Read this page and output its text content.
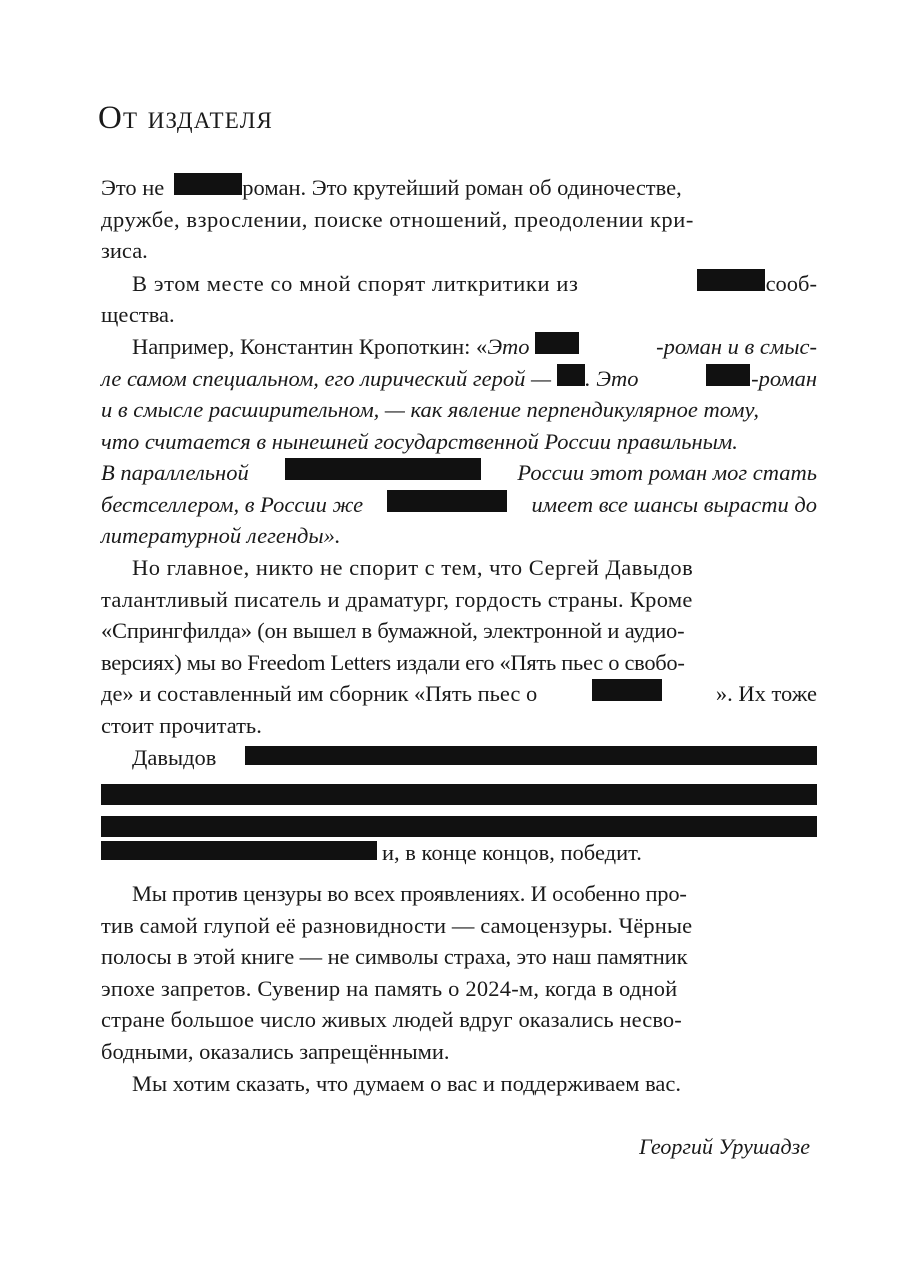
От издателя
Это не	роман. Это крутейший роман об одиночестве,
дружбе, взрослении, поиске отношений, преодолении кри-
зиса.
В этом месте со мной спорят литкритики из	сооб-
щества.
Например, Константин Кропоткин: « Это	-роман и в смыс-
ле самом специальном, его лирический герой — . Это	-роман
и в смысле расширительном, — как явление перпендикулярное тому,
что считается в нынешней государственной России правильным.
В параллельной	России этот роман мог стать
бестселлером, в России же	имеет все шансы вырасти до
литературной легенды».
Но главное, никто не спорит с тем, что Сергей Давыдов
талантливый писатель и драматург, гордость страны. Кроме
«Спрингфилда» (он вышел в бумажной, электронной и аудио-
версиях) мы во Freedom Letters издали его «Пять пьес о свобо-
де» и составленный им сборник «Пять пьес о	». Их тоже
стоит прочитать.
Давыдов
и, в конце концов, победит.
Мы против цензуры во всех проявлениях. И особенно про-
тив самой глупой её разновидности — самоцензуры. Чёрные
полосы в этой книге — не символы страха, это наш памятник
эпохе запретов. Сувенир на память о 2024-м, когда в одной
стране большое число живых людей вдруг оказались несво-
бодными, оказались запрещёнными.
Мы хотим сказать, что думаем о вас и поддерживаем вас.
Георгий Урушадзе
